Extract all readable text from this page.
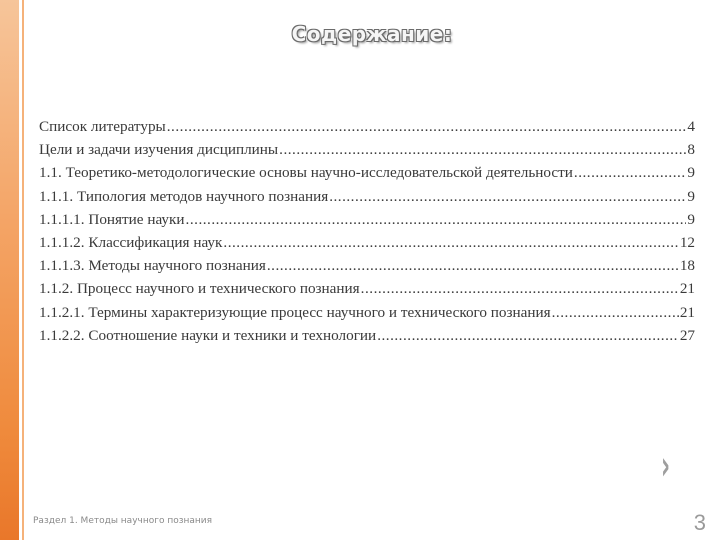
Содержание:
Список литературы .....	4
Цели и задачи изучения дисциплины .....	8
1.1. Теоретико-методологические основы научно-исследовательской деятельности .....	9
1.1.1. Типология методов научного познания .....	9
1.1.1.1. Понятие науки .....	9
1.1.1.2. Классификация наук .....	12
1.1.1.3. Методы научного познания .....	18
1.1.2. Процесс научного и технического познания .....	21
1.1.2.1. Термины характеризующие процесс научного и технического познания .....	21
1.1.2.2. Соотношение науки и техники и технологии .....	27
›
Раздел 1. Методы научного познания	3
